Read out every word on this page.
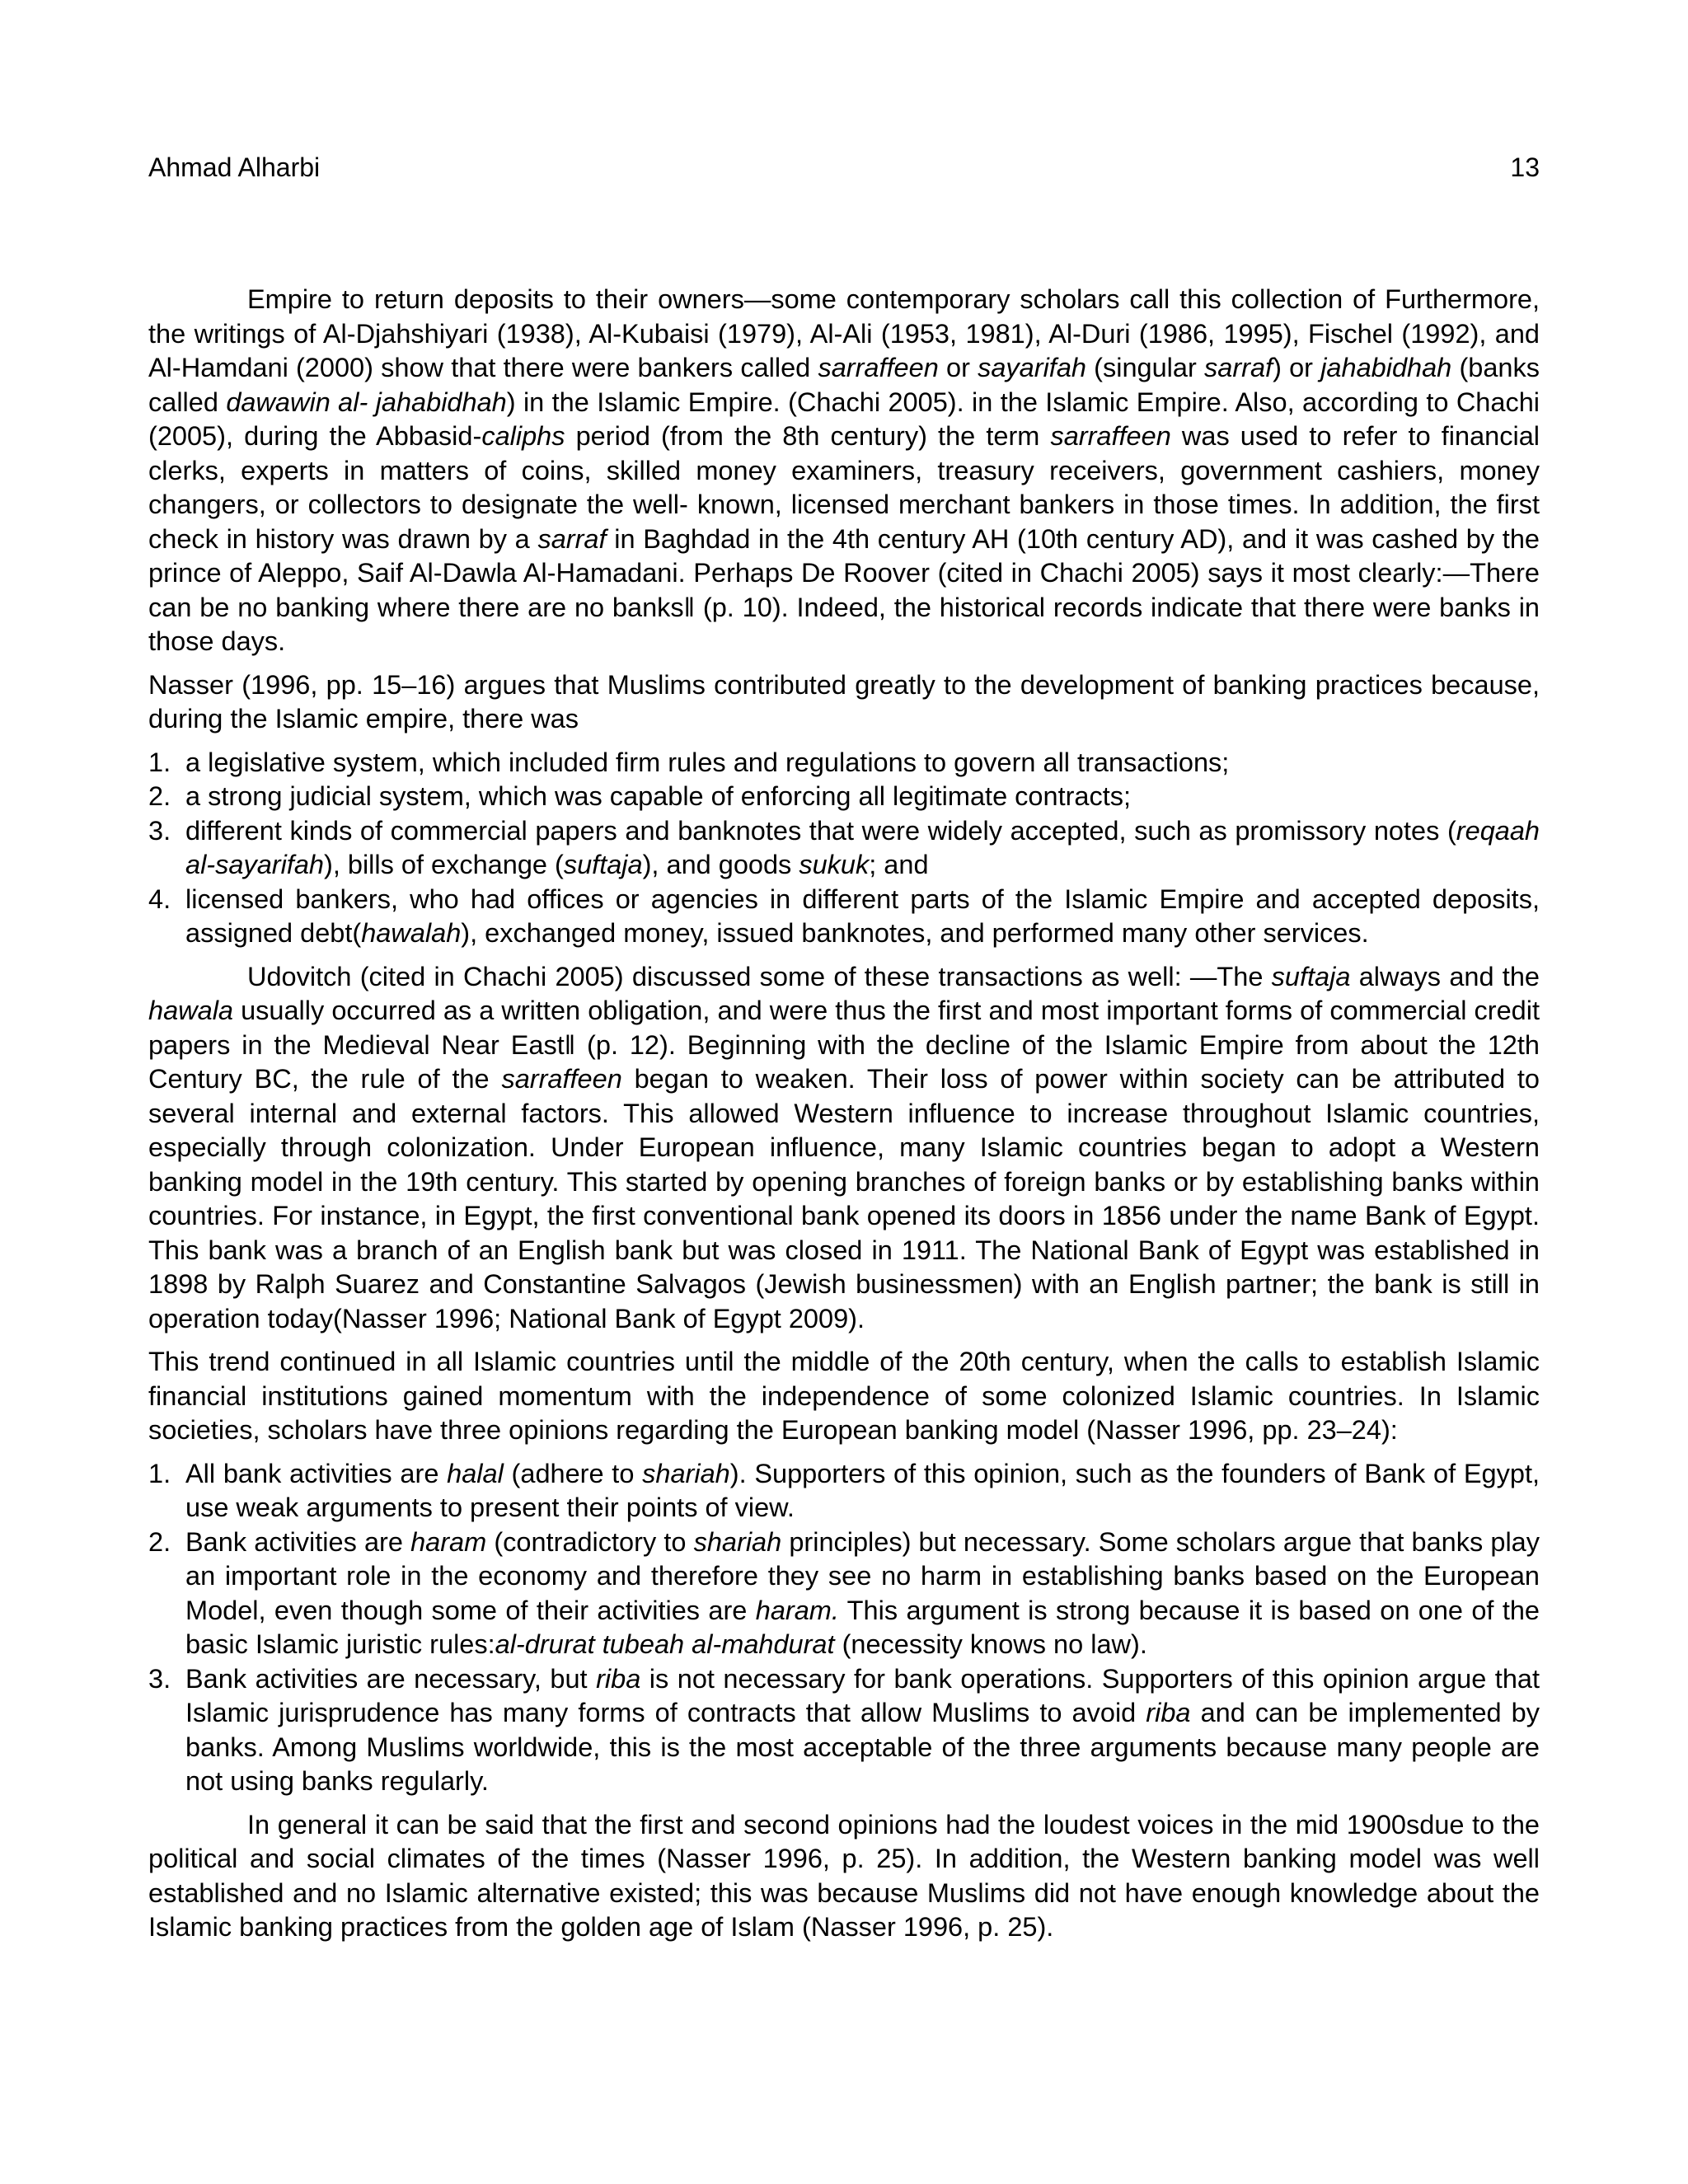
Ahmad Alharbi	13

Empire to return deposits to their owners—some contemporary scholars call this collection of Furthermore, the writings of Al-Djahshiyari (1938), Al-Kubaisi (1979), Al-Ali (1953, 1981), Al-Duri (1986, 1995), Fischel (1992), and Al-Hamdani (2000) show that there were bankers called sarraffeen or sayarifah (singular sarraf) or jahabidhah (banks called dawawin al- jahabidhah) in the Islamic Empire. (Chachi 2005). in the Islamic Empire. Also, according to Chachi (2005), during the Abbasid-caliphs period (from the 8th century) the term sarraffeen was used to refer to financial clerks, experts in matters of coins, skilled money examiners, treasury receivers, government cashiers, money changers, or collectors to designate the well- known, licensed merchant bankers in those times. In addition, the first check in history was drawn by a sarraf in Baghdad in the 4th century AH (10th century AD), and it was cashed by the prince of Aleppo, Saif Al-Dawla Al-Hamadani. Perhaps De Roover (cited in Chachi 2005) says it most clearly:―There can be no banking where there are no banks‖ (p. 10). Indeed, the historical records indicate that there were banks in those days.

Nasser (1996, pp. 15–16) argues that Muslims contributed greatly to the development of banking practices because, during the Islamic empire, there was

1. a legislative system, which included firm rules and regulations to govern all transactions;
2. a strong judicial system, which was capable of enforcing all legitimate contracts;
3. different kinds of commercial papers and banknotes that were widely accepted, such as promissory notes (reqaah al-sayarifah), bills of exchange (suftaja), and goods sukuk; and
4. licensed bankers, who had offices or agencies in different parts of the Islamic Empire and accepted deposits, assigned debt(hawalah), exchanged money, issued banknotes, and performed many other services.

Udovitch (cited in Chachi 2005) discussed some of these transactions as well: ―The suftaja always and the hawala usually occurred as a written obligation, and were thus the first and most important forms of commercial credit papers in the Medieval Near East‖ (p. 12). Beginning with the decline of the Islamic Empire from about the 12th Century BC, the rule of the sarraffeen began to weaken. Their loss of power within society can be attributed to several internal and external factors. This allowed Western influence to increase throughout Islamic countries, especially through colonization. Under European influence, many Islamic countries began to adopt a Western banking model in the 19th century. This started by opening branches of foreign banks or by establishing banks within countries. For instance, in Egypt, the first conventional bank opened its doors in 1856 under the name Bank of Egypt. This bank was a branch of an English bank but was closed in 1911. The National Bank of Egypt was established in 1898 by Ralph Suarez and Constantine Salvagos (Jewish businessmen) with an English partner; the bank is still in operation today(Nasser 1996; National Bank of Egypt 2009).

This trend continued in all Islamic countries until the middle of the 20th century, when the calls to establish Islamic financial institutions gained momentum with the independence of some colonized Islamic countries. In Islamic societies, scholars have three opinions regarding the European banking model (Nasser 1996, pp. 23–24):

1. All bank activities are halal (adhere to shariah). Supporters of this opinion, such as the founders of Bank of Egypt, use weak arguments to present their points of view.
2. Bank activities are haram (contradictory to shariah principles) but necessary. Some scholars argue that banks play an important role in the economy and therefore they see no harm in establishing banks based on the European Model, even though some of their activities are haram. This argument is strong because it is based on one of the basic Islamic juristic rules:al-drurat tubeah al-mahdurat (necessity knows no law).
3. Bank activities are necessary, but riba is not necessary for bank operations. Supporters of this opinion argue that Islamic jurisprudence has many forms of contracts that allow Muslims to avoid riba and can be implemented by banks. Among Muslims worldwide, this is the most acceptable of the three arguments because many people are not using banks regularly.

In general it can be said that the first and second opinions had the loudest voices in the mid 1900sdue to the political and social climates of the times (Nasser 1996, p. 25). In addition, the Western banking model was well established and no Islamic alternative existed; this was because Muslims did not have enough knowledge about the Islamic banking practices from the golden age of Islam (Nasser 1996, p. 25).
